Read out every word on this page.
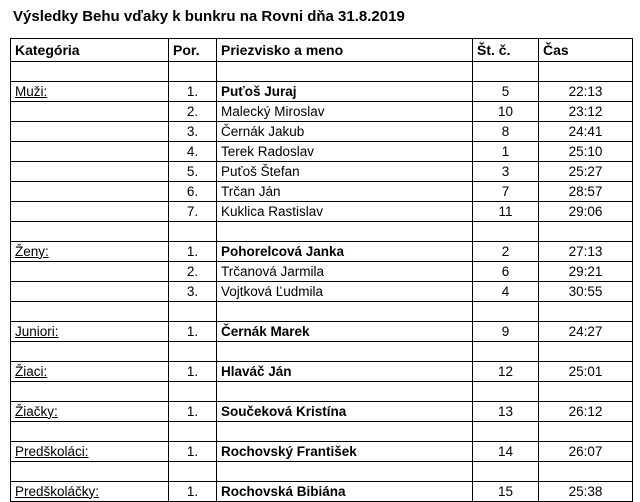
Výsledky Behu vďaky k bunkru na Rovni dňa 31.8.2019
Kategória	Por.	Priezvisko a meno	Št. č.	Čas

Muži:	1.	Puťoš Juraj	5	22:13
	2.	Malecký Miroslav	10	23:12
	3.	Černák Jakub	8	24:41
	4.	Terek Radoslav	1	25:10
	5.	Puťoš Štefan	3	25:27
	6.	Trčan Ján	7	28:57
	7.	Kuklica Rastislav	11	29:06

Ženy:	1.	Pohorelcová Janka	2	27:13
	2.	Trčanová Jarmila	6	29:21
	3.	Vojtková Ľudmila	4	30:55

Juniori:	1.	Černák Marek	9	24:27

Žiaci:	1.	Hlaváč Ján	12	25:01

Žiačky:	1.	Součeková Kristína	13	26:12

Predškoláci:	1.	Rochovský František	14	26:07

Predškoláčky:	1.	Rochovská Bibiána	15	25:38
